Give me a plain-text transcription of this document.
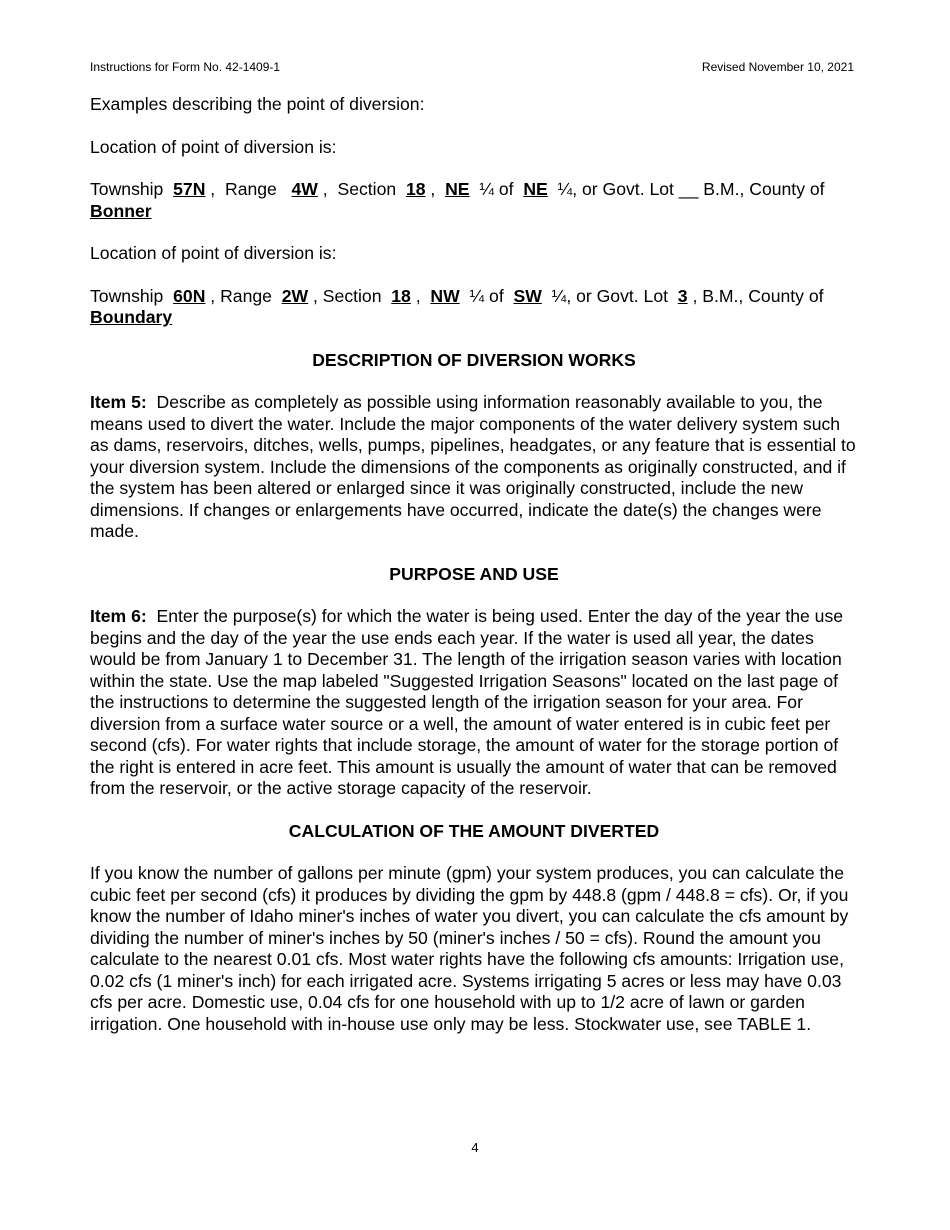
Instructions for Form No. 42-1409-1	Revised November 10, 2021

Examples describing the point of diversion:

Location of point of diversion is:

Township 57N ,  Range 4W ,  Section 18 ,  NE ¼ of NE ¼, or Govt. Lot __ B.M., County of Bonner

Location of point of diversion is:

Township 60N , Range 2W , Section 18 ,  NW ¼ of SW ¼, or Govt. Lot 3 , B.M., County of Boundary

DESCRIPTION OF DIVERSION WORKS

Item 5: Describe as completely as possible using information reasonably available to you, the means used to divert the water. Include the major components of the water delivery system such as dams, reservoirs, ditches, wells, pumps, pipelines, headgates, or any feature that is essential to your diversion system. Include the dimensions of the components as originally constructed, and if the system has been altered or enlarged since it was originally constructed, include the new dimensions. If changes or enlargements have occurred, indicate the date(s) the changes were made.

PURPOSE AND USE

Item 6: Enter the purpose(s) for which the water is being used. Enter the day of the year the use begins and the day of the year the use ends each year. If the water is used all year, the dates would be from January 1 to December 31. The length of the irrigation season varies with location within the state. Use the map labeled "Suggested Irrigation Seasons" located on the last page of the instructions to determine the suggested length of the irrigation season for your area. For diversion from a surface water source or a well, the amount of water entered is in cubic feet per second (cfs). For water rights that include storage, the amount of water for the storage portion of the right is entered in acre feet. This amount is usually the amount of water that can be removed from the reservoir, or the active storage capacity of the reservoir.

CALCULATION OF THE AMOUNT DIVERTED

If you know the number of gallons per minute (gpm) your system produces, you can calculate the cubic feet per second (cfs) it produces by dividing the gpm by 448.8 (gpm / 448.8 = cfs). Or, if you know the number of Idaho miner's inches of water you divert, you can calculate the cfs amount by dividing the number of miner's inches by 50 (miner's inches / 50 = cfs). Round the amount you calculate to the nearest 0.01 cfs. Most water rights have the following cfs amounts: Irrigation use, 0.02 cfs (1 miner's inch) for each irrigated acre. Systems irrigating 5 acres or less may have 0.03 cfs per acre. Domestic use, 0.04 cfs for one household with up to 1/2 acre of lawn or garden irrigation. One household with in-house use only may be less. Stockwater use, see TABLE 1.

4
